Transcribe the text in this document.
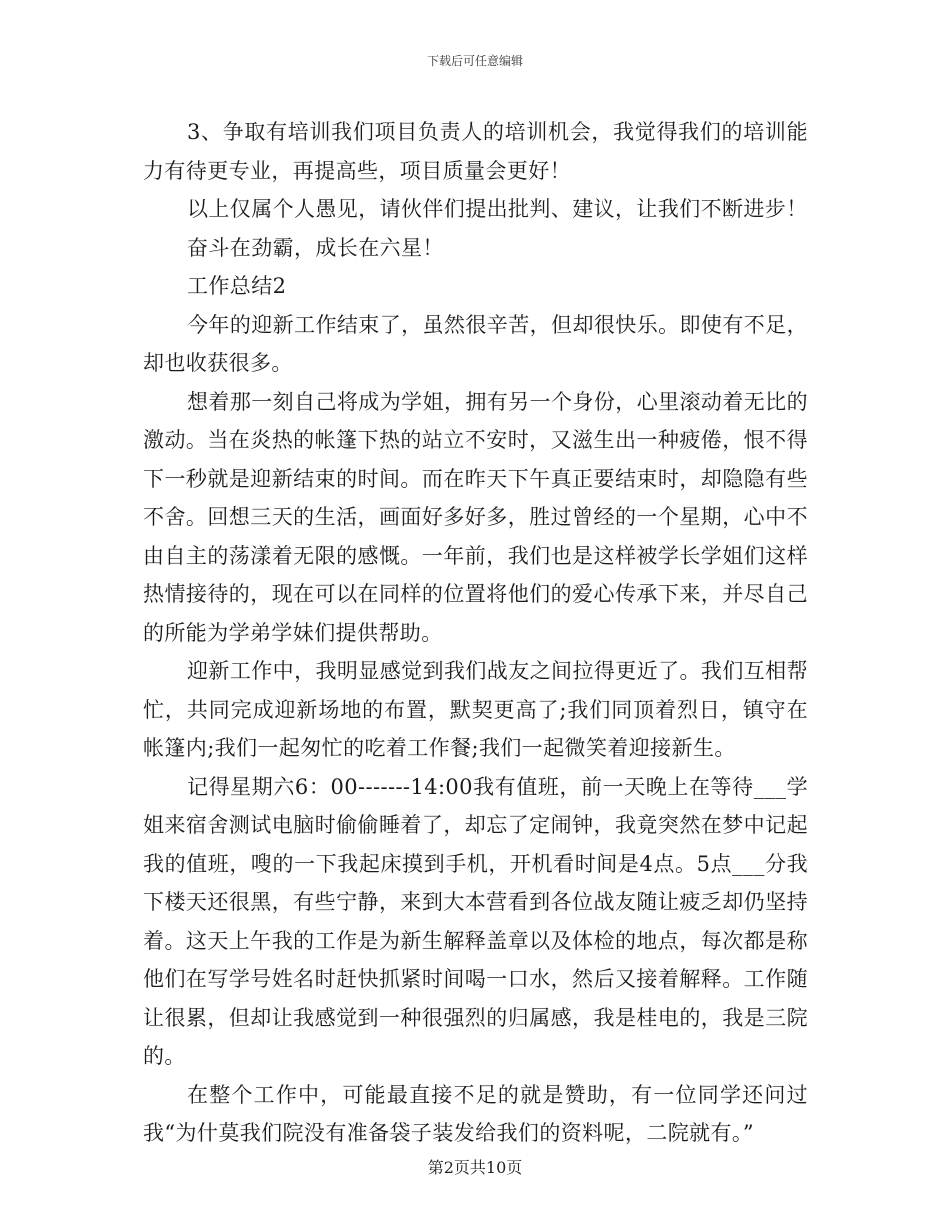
下载后可任意编辑

3、争取有培训我们项目负责人的培训机会，我觉得我们的培训能力有待更专业，再提高些，项目质量会更好！

以上仅属个人愚见，请伙伴们提出批判、建议，让我们不断进步！

奋斗在劲霸，成长在六星！

工作总结2

今年的迎新工作结束了，虽然很辛苦，但却很快乐。即使有不足，却也收获很多。

想着那一刻自己将成为学姐，拥有另一个身份，心里滚动着无比的激动。当在炎热的帐篷下热的站立不安时，又滋生出一种疲倦，恨不得下一秒就是迎新结束的时间。而在昨天下午真正要结束时，却隐隐有些不舍。回想三天的生活，画面好多好多，胜过曾经的一个星期，心中不由自主的荡漾着无限的感慨。一年前，我们也是这样被学长学姐们这样热情接待的，现在可以在同样的位置将他们的爱心传承下来，并尽自己的所能为学弟学妹们提供帮助。

迎新工作中，我明显感觉到我们战友之间拉得更近了。我们互相帮忙，共同完成迎新场地的布置，默契更高了;我们同顶着烈日，镇守在帐篷内;我们一起匆忙的吃着工作餐;我们一起微笑着迎接新生。

记得星期六6：00-------14:00我有值班，前一天晚上在等待___学姐来宿舍测试电脑时偷偷睡着了，却忘了定闹钟，我竟突然在梦中记起我的值班，嗖的一下我起床摸到手机，开机看时间是4点。5点___分我下楼天还很黑，有些宁静，来到大本营看到各位战友随让疲乏却仍坚持着。这天上午我的工作是为新生解释盖章以及体检的地点，每次都是称他们在写学号姓名时赶快抓紧时间喝一口水，然后又接着解释。工作随让很累，但却让我感觉到一种很强烈的归属感，我是桂电的，我是三院的。

在整个工作中，可能最直接不足的就是赞助，有一位同学还问过我“为什莫我们院没有准备袋子装发给我们的资料呢，二院就有。”

第2页共10页
